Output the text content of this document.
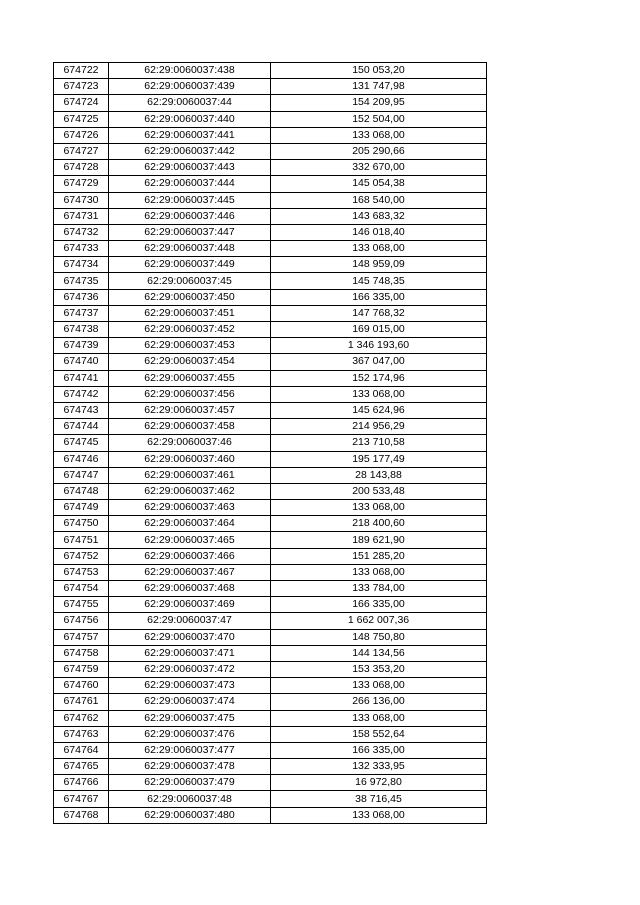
674722	62:29:0060037:438	150 053,20
674723	62:29:0060037:439	131 747,98
674724	62:29:0060037:44	154 209,95
674725	62:29:0060037:440	152 504,00
674726	62:29:0060037:441	133 068,00
674727	62:29:0060037:442	205 290,66
674728	62:29:0060037:443	332 670,00
674729	62:29:0060037:444	145 054,38
674730	62:29:0060037:445	168 540,00
674731	62:29:0060037:446	143 683,32
674732	62:29:0060037:447	146 018,40
674733	62:29:0060037:448	133 068,00
674734	62:29:0060037:449	148 959,09
674735	62:29:0060037:45	145 748,35
674736	62:29:0060037:450	166 335,00
674737	62:29:0060037:451	147 768,32
674738	62:29:0060037:452	169 015,00
674739	62:29:0060037:453	1 346 193,60
674740	62:29:0060037:454	367 047,00
674741	62:29:0060037:455	152 174,96
674742	62:29:0060037:456	133 068,00
674743	62:29:0060037:457	145 624,96
674744	62:29:0060037:458	214 956,29
674745	62:29:0060037:46	213 710,58
674746	62:29:0060037:460	195 177,49
674747	62:29:0060037:461	28 143,88
674748	62:29:0060037:462	200 533,48
674749	62:29:0060037:463	133 068,00
674750	62:29:0060037:464	218 400,60
674751	62:29:0060037:465	189 621,90
674752	62:29:0060037:466	151 285,20
674753	62:29:0060037:467	133 068,00
674754	62:29:0060037:468	133 784,00
674755	62:29:0060037:469	166 335,00
674756	62:29:0060037:47	1 662 007,36
674757	62:29:0060037:470	148 750,80
674758	62:29:0060037:471	144 134,56
674759	62:29:0060037:472	153 353,20
674760	62:29:0060037:473	133 068,00
674761	62:29:0060037:474	266 136,00
674762	62:29:0060037:475	133 068,00
674763	62:29:0060037:476	158 552,64
674764	62:29:0060037:477	166 335,00
674765	62:29:0060037:478	132 333,95
674766	62:29:0060037:479	16 972,80
674767	62:29:0060037:48	38 716,45
674768	62:29:0060037:480	133 068,00
